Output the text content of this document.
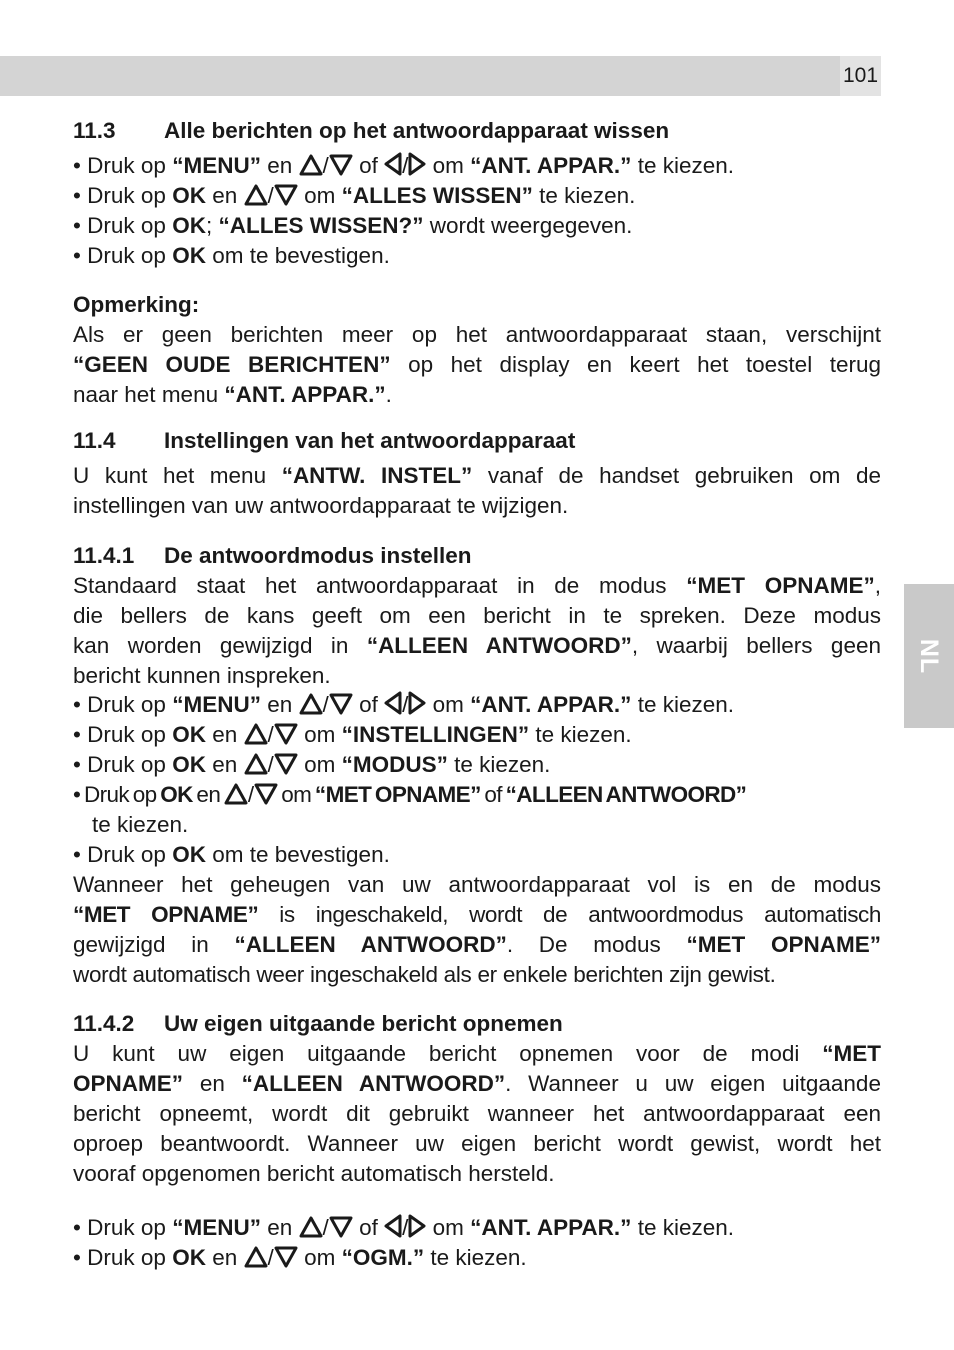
101
NL
11.3 Alle berichten op het antwoordapparaat wissen
• Druk op “MENU” en / of / om “ANT. APPAR.” te kiezen.
• Druk op OK en / om “ALLES WISSEN” te kiezen.
• Druk op OK; “ALLES WISSEN?” wordt weergegeven.
• Druk op OK om te bevestigen.
Opmerking:
Als er geen berichten meer op het antwoordapparaat staan, verschijnt
“GEEN OUDE BERICHTEN” op het display en keert het toestel terug
naar het menu “ANT. APPAR.”.
11.4 Instellingen van het antwoordapparaat
U kunt het menu “ANTW. INSTEL” vanaf de handset gebruiken om de
instellingen van uw antwoordapparaat te wijzigen.
11.4.1 De antwoordmodus instellen
Standaard staat het antwoordapparaat in de modus “MET OPNAME”,
die bellers de kans geeft om een bericht in te spreken. Deze modus
kan worden gewijzigd in “ALLEEN ANTWOORD”, waarbij bellers geen
bericht kunnen inspreken.
• Druk op “MENU” en / of / om “ANT. APPAR.” te kiezen.
• Druk op OK en / om “INSTELLINGEN” te kiezen.
• Druk op OK en / om “MODUS” te kiezen.
• Druk op OK en / om “MET OPNAME” of “ALLEEN ANTWOORD”
te kiezen.
• Druk op OK om te bevestigen.
Wanneer het geheugen van uw antwoordapparaat vol is en de modus
“MET OPNAME” is ingeschakeld, wordt de antwoordmodus automatisch
gewijzigd in “ALLEEN ANTWOORD”. De modus “MET OPNAME”
wordt automatisch weer ingeschakeld als er enkele berichten zijn gewist.
11.4.2 Uw eigen uitgaande bericht opnemen
U kunt uw eigen uitgaande bericht opnemen voor de modi “MET
OPNAME” en “ALLEEN ANTWOORD”. Wanneer u uw eigen uitgaande
bericht opneemt, wordt dit gebruikt wanneer het antwoordapparaat een
oproep beantwoordt. Wanneer uw eigen bericht wordt gewist, wordt het
vooraf opgenomen bericht automatisch hersteld.
• Druk op “MENU” en / of / om “ANT. APPAR.” te kiezen.
• Druk op OK en / om “OGM.” te kiezen.
